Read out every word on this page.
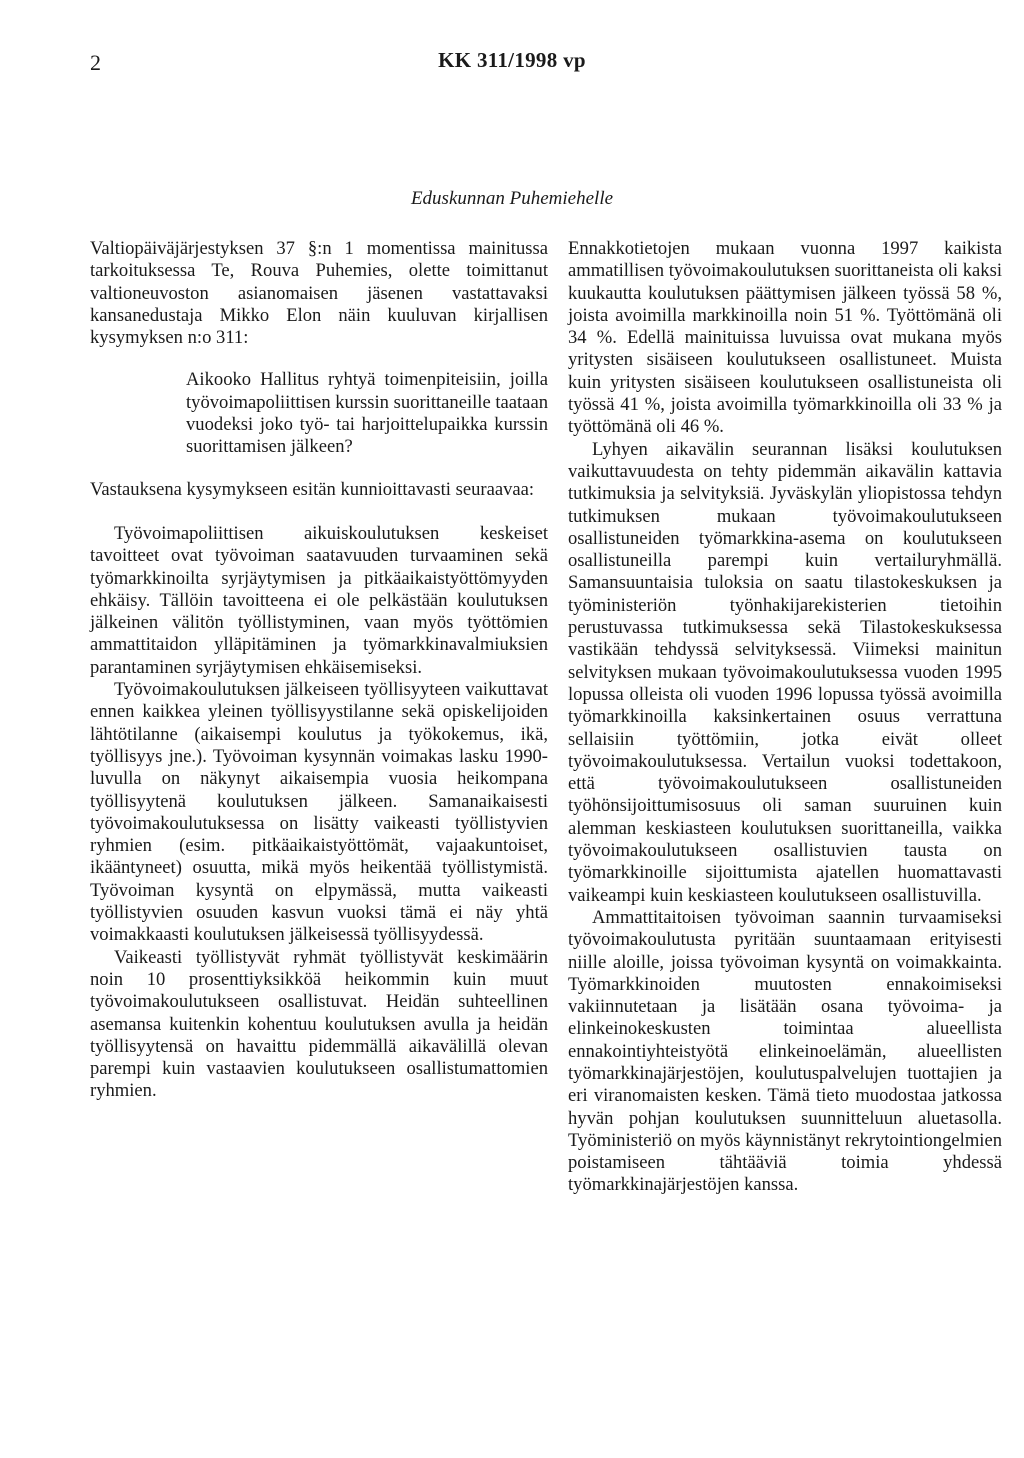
2	KK 311/1998 vp
Eduskunnan Puhemiehelle

Valtiopäiväjärjestyksen 37 §:n 1 momentissa mainitussa tarkoituksessa Te, Rouva Puhemies, olette toimittanut valtioneuvoston asianomaisen jäsenen vastattavaksi kansanedustaja Mikko Elon näin kuuluvan kirjallisen kysymyksen n:o 311:

Aikooko Hallitus ryhtyä toimenpiteisiin, joilla työvoimapoliittisen kurssin suorittaneille taataan vuodeksi joko työ- tai harjoittelupaikka kurssin suorittamisen jälkeen?

Vastauksena kysymykseen esitän kunnioittavasti seuraavaa:

Työvoimapoliittisen aikuiskoulutuksen keskeiset tavoitteet ovat työvoiman saatavuuden turvaaminen sekä työmarkkinoilta syrjäytymisen ja pitkäaikaistyöttömyyden ehkäisy. Tällöin tavoitteena ei ole pelkästään koulutuksen jälkeinen välitön työllistyminen, vaan myös työttömien ammattitaidon ylläpitäminen ja työmarkkinavalmiuksien parantaminen syrjäytymisen ehkäisemiseksi.

Työvoimakoulutuksen jälkeiseen työllisyyteen vaikuttavat ennen kaikkea yleinen työllisyystilanne sekä opiskelijoiden lähtötilanne (aikaisempi koulutus ja työkokemus, ikä, työllisyys jne.). Työvoiman kysynnän voimakas lasku 1990-luvulla on näkynyt aikaisempia vuosia heikompana työllisyytenä koulutuksen jälkeen. Samanaikaisesti työvoimakoulutuksessa on lisätty vaikeasti työllistyvien ryhmien (esim. pitkäaikaistyöttömät, vajaakuntoiset, ikääntyneet) osuutta, mikä myös heikentää työllistymistä. Työvoiman kysyntä on elpymässä, mutta vaikeasti työllistyvien osuuden kasvun vuoksi tämä ei näy yhtä voimakkaasti koulutuksen jälkeisessä työllisyydessä.

Vaikeasti työllistyvät ryhmät työllistyvät keskimäärin noin 10 prosenttiyksikköä heikommin kuin muut työvoimakoulutukseen osallistuvat. Heidän suhteellinen asemansa kuitenkin kohentuu koulutuksen avulla ja heidän työllisyytensä on havaittu pidemmällä aikavälillä olevan parempi kuin vastaavien koulutukseen osallistumattomien ryhmien.

Ennakkotietojen mukaan vuonna 1997 kaikista ammatillisen työvoimakoulutuksen suorittaneista oli kaksi kuukautta koulutuksen päättymisen jälkeen työssä 58 %, joista avoimilla markkinoilla noin 51 %. Työttömänä oli 34 %. Edellä mainituissa luvuissa ovat mukana myös yritysten sisäiseen koulutukseen osallistuneet. Muista kuin yritysten sisäiseen koulutukseen osallistuneista oli työssä 41 %, joista avoimilla työmarkkinoilla oli 33 % ja työttömänä oli 46 %.

Lyhyen aikavälin seurannan lisäksi koulutuksen vaikuttavuudesta on tehty pidemmän aikavälin kattavia tutkimuksia ja selvityksiä. Jyväskylän yliopistossa tehdyn tutkimuksen mukaan työvoimakoulutukseen osallistuneiden työmarkkina-asema on koulutukseen osallistuneilla parempi kuin vertailuryhmällä. Samansuuntaisia tuloksia on saatu tilastokeskuksen ja työministeriön työnhakijarekisterien tietoihin perustuvassa tutkimuksessa sekä Tilastokeskuksessa vastikään tehdyssä selvityksessä. Viimeksi mainitun selvityksen mukaan työvoimakoulutuksessa vuoden 1995 lopussa olleista oli vuoden 1996 lopussa työssä avoimilla työmarkkinoilla kaksinkertainen osuus verrattuna sellaisiin työttömiin, jotka eivät olleet työvoimakoulutuksessa. Vertailun vuoksi todettakoon, että työvoimakoulutukseen osallistuneiden työhönsijoittumisosuus oli saman suuruinen kuin alemman keskiasteen koulutuksen suorittaneilla, vaikka työvoimakoulutukseen osallistuvien tausta on työmarkkinoille sijoittumista ajatellen huomattavasti vaikeampi kuin keskiasteen koulutukseen osallistuvilla.

Ammattitaitoisen työvoiman saannin turvaamiseksi työvoimakoulutusta pyritään suuntaamaan erityisesti niille aloille, joissa työvoiman kysyntä on voimakkainta. Työmarkkinoiden muutosten ennakoimiseksi vakiinnutetaan ja lisätään osana työvoima- ja elinkeinokeskusten toimintaa alueellista ennakointiyhteistyötä elinkeinoelämän, alueellisten työmarkkinajärjestöjen, koulutuspalvelujen tuottajien ja eri viranomaisten kesken. Tämä tieto muodostaa jatkossa hyvän pohjan koulutuksen suunnitteluun aluetasolla. Työministeriö on myös käynnistänyt rekrytointiongelmien poistamiseen tähtääviä toimia yhdessä työmarkkinajärjestöjen kanssa.
